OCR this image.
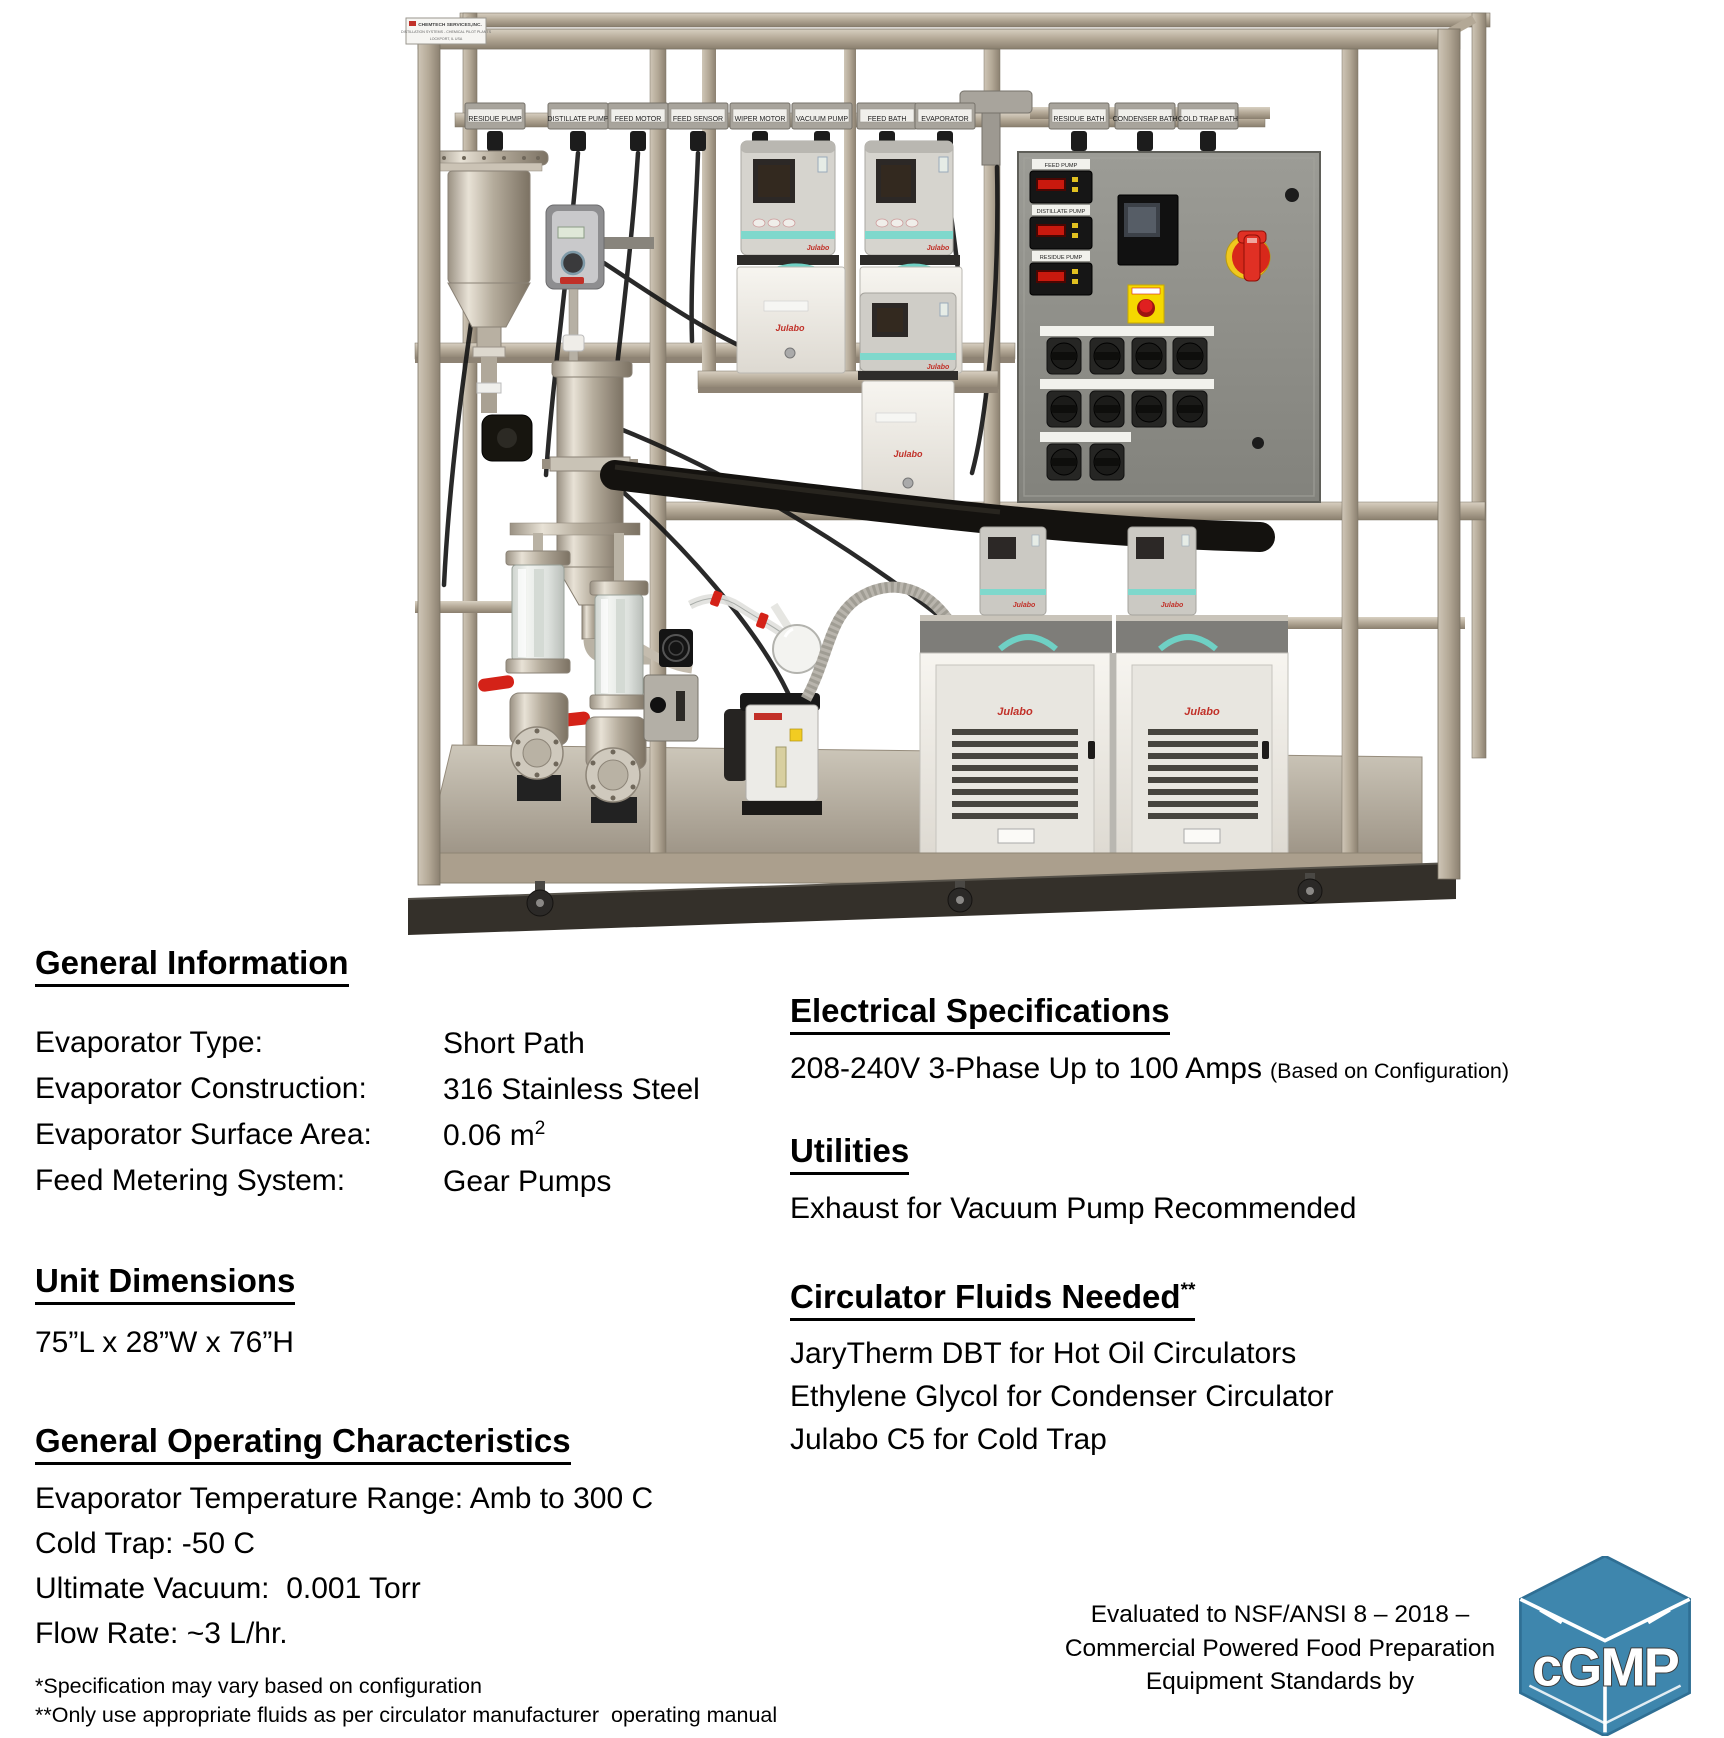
RESIDUE PUMP	DISTILLATE PUMP FEED MOTOR FEED SENSOR WIPER MOTOR VACUUM PUMP	FEED BATH EVAPORATOR	RESIDUE BATH CONDENSER BATH COLD TRAP BATH
Julabo
Julabo
Julabo
Julabo
Julabo
FEED PUMP
DISTILLATE PUMP
RESIDUE PUMP
Julabo	Julabo
Julabo	Julabo
CHEMTECH SERVICES,INC.
DISTILLATION SYSTEMS - CHEMICAL PILOT PLANTS
LOCKPORT, IL USA
General Information
Evaporator Type:	Short Path
Evaporator Construction:	316 Stainless Steel
Evaporator Surface Area:	0.06 $m^2$
Feed Metering System:	Gear Pumps
Unit Dimensions
75”L x 28”W x 76”H
General Operating Characteristics
Evaporator Temperature Range: Amb to 300 C
Cold Trap: -50 C
Ultimate Vacuum:  0.001 Torr
Flow Rate: ~3 L/hr.
*Specification may vary based on configuration
**Only use appropriate fluids as per circulator manufacturer  operating manual
Electrical Specifications
208-240V 3-Phase Up to 100 Amps (Based on Configuration)
Utilities
Exhaust for Vacuum Pump Recommended
Circulator Fluids Needed**
JaryTherm DBT for Hot Oil Circulators
Ethylene Glycol for Condenser Circulator
Julabo C5 for Cold Trap
Evaluated to NSF/ANSI 8 – 2018 –
Commercial Powered Food Preparation
Equipment Standards by	cGMP
